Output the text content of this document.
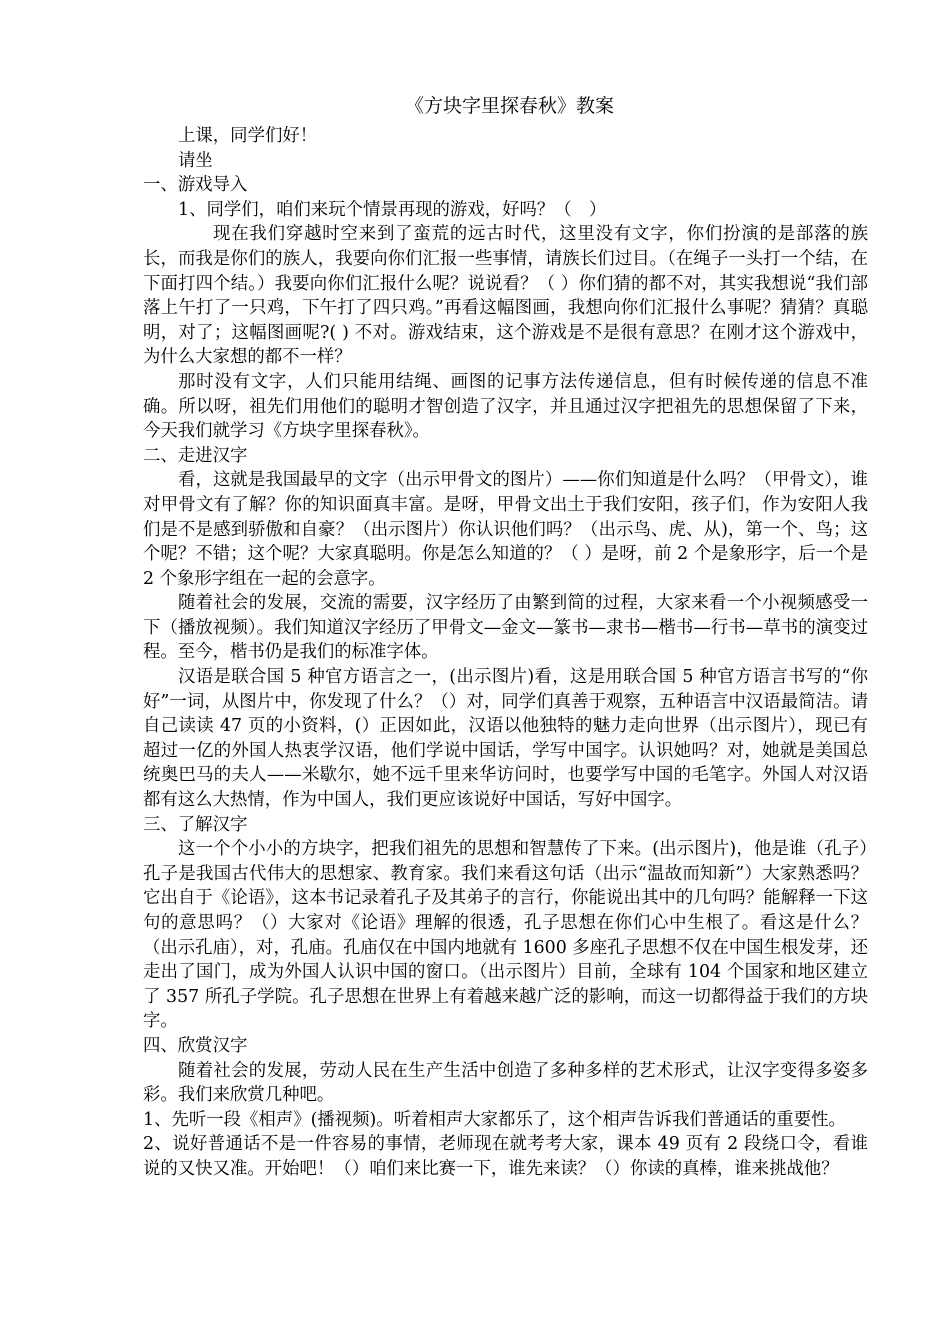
《方块字里探春秋》教案

上课，同学们好！

请坐

一、游戏导入

1、同学们，咱们来玩个情景再现的游戏，好吗？（　）

现在我们穿越时空来到了蛮荒的远古时代，这里没有文字，你们扮演的是部落的族长，而我是你们的族人，我要向你们汇报一些事情，请族长们过目。（在绳子一头打一个结，在下面打四个结。）我要向你们汇报什么呢？说说看？（ ）你们猜的都不对，其实我想说“我们部落上午打了一只鸡，下午打了四只鸡。”再看这幅图画，我想向你们汇报什么事呢？猜猜？真聪明，对了；这幅图画呢?( ) 不对。游戏结束，这个游戏是不是很有意思？在刚才这个游戏中，为什么大家想的都不一样？

那时没有文字，人们只能用结绳、画图的记事方法传递信息，但有时候传递的信息不准确。所以呀，祖先们用他们的聪明才智创造了汉字，并且通过汉字把祖先的思想保留了下来，今天我们就学习《方块字里探春秋》。

二、走进汉字

看，这就是我国最早的文字（出示甲骨文的图片）——你们知道是什么吗？（甲骨文），谁对甲骨文有了解？你的知识面真丰富。是呀，甲骨文出土于我们安阳，孩子们，作为安阳人我们是不是感到骄傲和自豪？（出示图片）你认识他们吗？（出示鸟、虎、从)，第一个、鸟；这个呢？不错；这个呢？大家真聪明。你是怎么知道的？（ ）是呀，前 2 个是象形字，后一个是 2 个象形字组在一起的会意字。

随着社会的发展，交流的需要，汉字经历了由繁到简的过程，大家来看一个小视频感受一下（播放视频）。我们知道汉字经历了甲骨文—金文—篆书—隶书—楷书—行书—草书的演变过程。至今，楷书仍是我们的标准字体。

汉语是联合国 5 种官方语言之一，(出示图片)看，这是用联合国 5 种官方语言书写的“你好”一词，从图片中，你发现了什么？（）对，同学们真善于观察，五种语言中汉语最简洁。请自己读读 47 页的小资料，(）正因如此，汉语以他独特的魅力走向世界（出示图片），现已有超过一亿的外国人热衷学汉语，他们学说中国话，学写中国字。认识她吗？对，她就是美国总统奥巴马的夫人——米歇尔，她不远千里来华访问时，也要学写中国的毛笔字。外国人对汉语都有这么大热情，作为中国人，我们更应该说好中国话，写好中国字。

三、了解汉字

这一个个小小的方块字，把我们祖先的思想和智慧传了下来。(出示图片)，他是谁（孔子）孔子是我国古代伟大的思想家、教育家。我们来看这句话（出示“温故而知新”）大家熟悉吗？它出自于《论语》，这本书记录着孔子及其弟子的言行，你能说出其中的几句吗？能解释一下这句的意思吗？（）大家对《论语》理解的很透，孔子思想在你们心中生根了。看这是什么？（出示孔庙），对，孔庙。孔庙仅在中国内地就有 1600 多座孔子思想不仅在中国生根发芽，还走出了国门，成为外国人认识中国的窗口。（出示图片）目前，全球有 104 个国家和地区建立了 357 所孔子学院。孔子思想在世界上有着越来越广泛的影响，而这一切都得益于我们的方块字。

四、欣赏汉字

随着社会的发展，劳动人民在生产生活中创造了多种多样的艺术形式，让汉字变得多姿多彩。我们来欣赏几种吧。

1、先听一段《相声》(播视频)。听着相声大家都乐了，这个相声告诉我们普通话的重要性。

2、说好普通话不是一件容易的事情，老师现在就考考大家，课本 49 页有 2 段绕口令，看谁说的又快又准。开始吧！（）咱们来比赛一下，谁先来读？（）你读的真棒，谁来挑战他？
